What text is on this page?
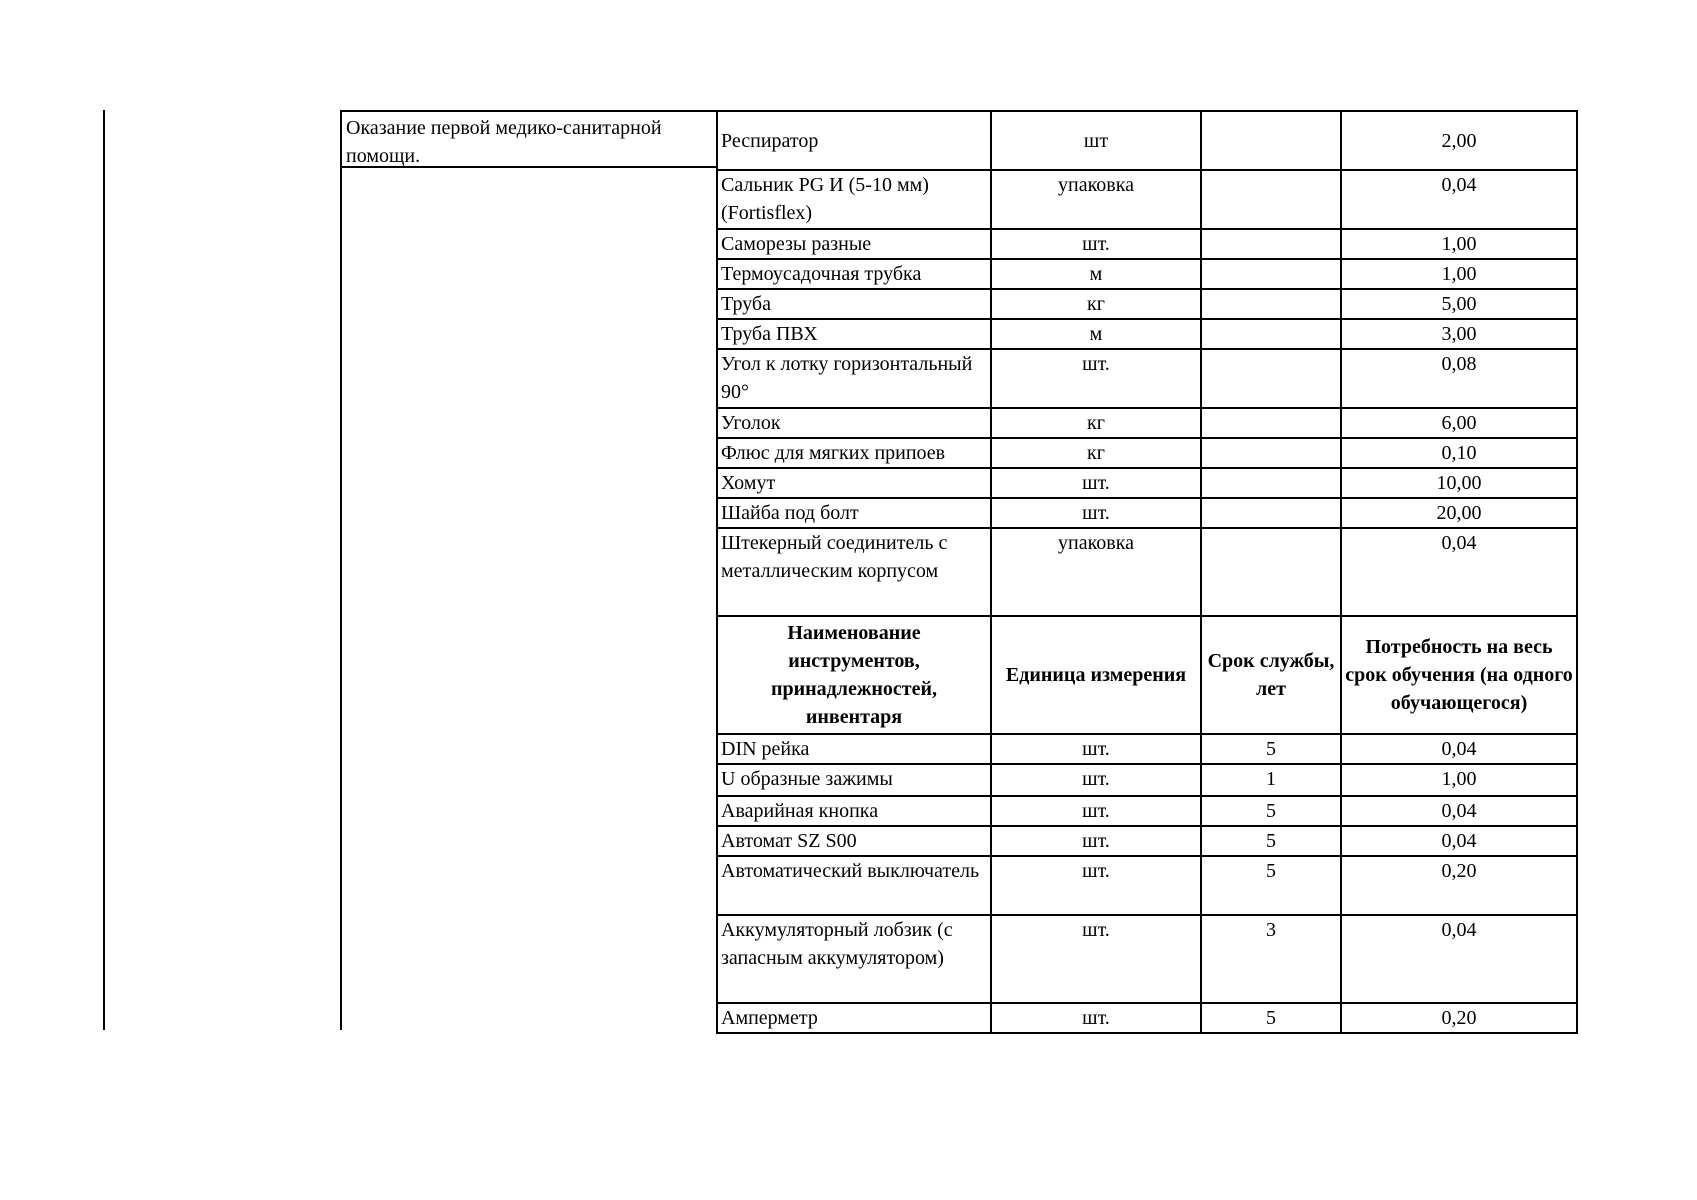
Оказание первой медико-санитарной помощи.
Респиратор	шт		2,00
Сальник PG И (5-10 мм) (Fortisflex)	упаковка		0,04
Саморезы разные	шт.		1,00
Термоусадочная трубка	м		1,00
Труба	кг		5,00
Труба ПВХ	м		3,00
Угол к лотку горизонтальный 90°	шт.		0,08
Уголок	кг		6,00
Флюс для мягких припоев	кг		0,10
Хомут	шт.		10,00
Шайба под болт	шт.		20,00
Штекерный соединитель с металлическим корпусом	упаковка		0,04
Наименование инструментов, принадлежностей, инвентаря	Единица измерения	Срок службы, лет	Потребность на весь срок обучения (на одного обучающегося)
DIN рейка	шт.	5	0,04
U образные зажимы	шт.	1	1,00
Аварийная кнопка	шт.	5	0,04
Автомат SZ S00	шт.	5	0,04
Автоматический выключатель	шт.	5	0,20
Аккумуляторный лобзик (с запасным аккумулятором)	шт.	3	0,04
Амперметр	шт.	5	0,20
